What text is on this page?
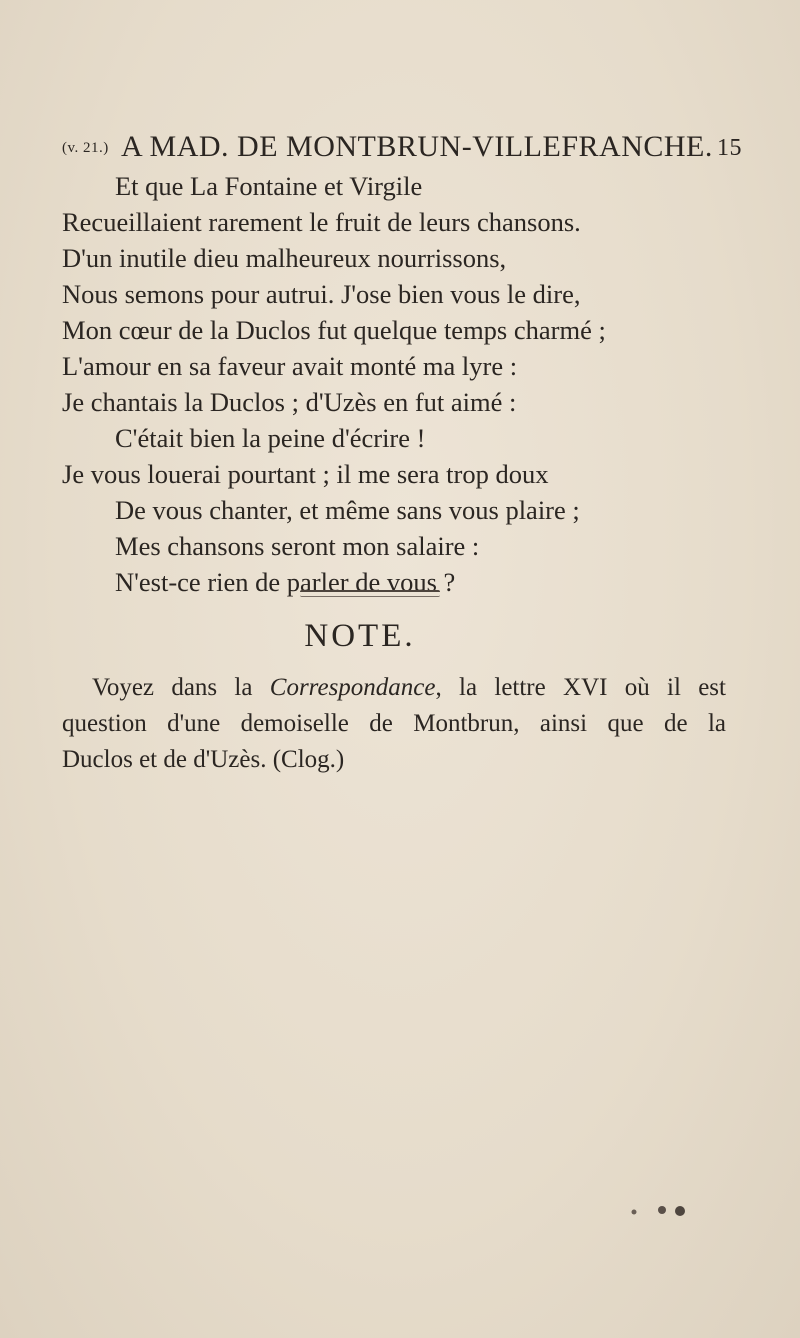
(v. 21.) A MAD. DE MONTBRUN-VILLEFRANCHE. 15
Et que La Fontaine et Virgile
Recueillaient rarement le fruit de leurs chansons.
D'un inutile dieu malheureux nourrissons,
Nous semons pour autrui. J'ose bien vous le dire,
Mon cœur de la Duclos fut quelque temps charmé ;
L'amour en sa faveur avait monté ma lyre :
Je chantais la Duclos ; d'Uzès en fut aimé :
C'était bien la peine d'écrire !
Je vous louerai pourtant ; il me sera trop doux
De vous chanter, et même sans vous plaire ;
Mes chansons seront mon salaire :
N'est-ce rien de parler de vous ?
NOTE.
Voyez dans la Correspondance, la lettre XVI où il est
question d'une demoiselle de Montbrun, ainsi que de la
Duclos et de d'Uzès. (Clog.)
